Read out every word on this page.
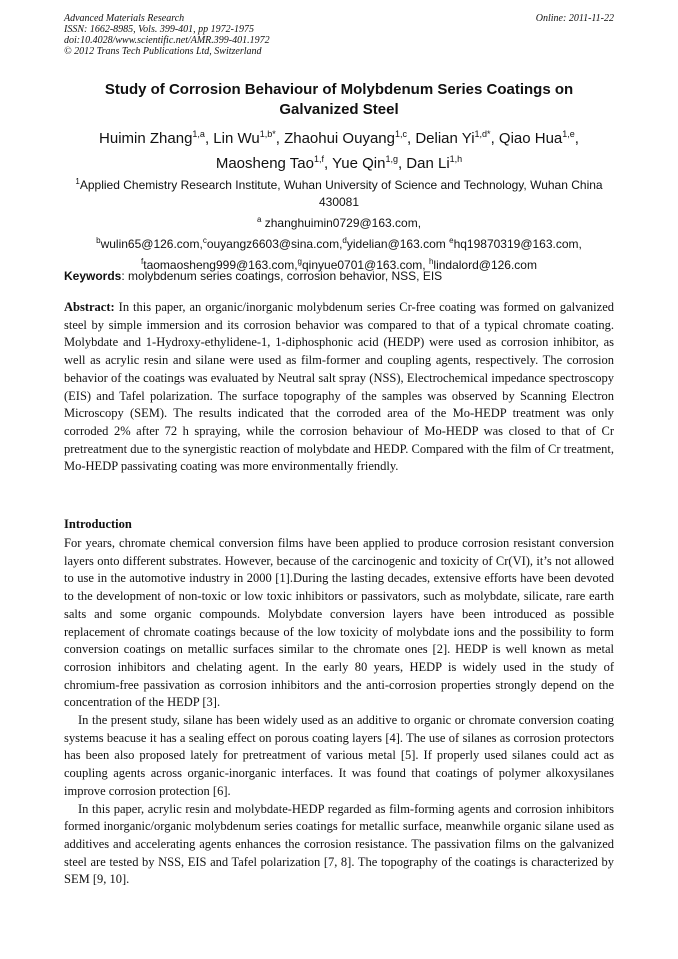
Advanced Materials Research
ISSN: 1662-8985, Vols. 399-401, pp 1972-1975
doi:10.4028/www.scientific.net/AMR.399-401.1972
© 2012 Trans Tech Publications Ltd, Switzerland
Online: 2011-11-22
Study of Corrosion Behaviour of Molybdenum Series Coatings on Galvanized Steel
Huimin Zhang$^{1,a}$, Lin $Wu^{1,b*}$, Zhaohui Ouyang$^{1,c}$, Delian $Yi^{1,d*}$, Qiao Hua$^{1,e}$, Maosheng Tao$^{1,f}$, Yue Qin$^{1,g}$, Dan Li$^{1,h}$
$^1$Applied Chemistry Research Institute, Wuhan University of Science and Technology, Wuhan China 430081
$^a$ zhanghuimin0729@163.com,
$^b$wulin65@126.com,$^c$ouyangz6603@sina.com,$^d$yidelian@163.com $^e$hq19870319@163.com,
$^f$taomaosheng999@163.com,$^g$qinyue0701@163.com, $^h$lindalord@126.com
Keywords: molybdenum series coatings, corrosion behavior, NSS, EIS
Abstract: In this paper, an organic/inorganic molybdenum series Cr-free coating was formed on galvanized steel by simple immersion and its corrosion behavior was compared to that of a typical chromate coating. Molybdate and 1-Hydroxy-ethylidene-1, 1-diphosphonic acid (HEDP) were used as corrosion inhibitor, as well as acrylic resin and silane were used as film-former and coupling agents, respectively. The corrosion behavior of the coatings was evaluated by Neutral salt spray (NSS), Electrochemical impedance spectroscopy (EIS) and Tafel polarization. The surface topography of the samples was observed by Scanning Electron Microscopy (SEM). The results indicated that the corroded area of the Mo-HEDP treatment was only corroded 2% after 72 h spraying, while the corrosion behaviour of Mo-HEDP was closed to that of Cr pretreatment due to the synergistic reaction of molybdate and HEDP. Compared with the film of Cr treatment, Mo-HEDP passivating coating was more environmentally friendly.
Introduction

For years, chromate chemical conversion films have been applied to produce corrosion resistant conversion layers onto different substrates. However, because of the carcinogenic and toxicity of Cr(VI), it’s not allowed to use in the automotive industry in 2000 [1].During the lasting decades, extensive efforts have been devoted to the development of non-toxic or low toxic inhibitors or passivators, such as molybdate, silicate, rare earth salts and some organic compounds. Molybdate conversion layers have been introduced as possible replacement of chromate coatings because of the low toxicity of molybdate ions and the possibility to form conversion coatings on metallic surfaces similar to the chromate ones [2]. HEDP is well known as metal corrosion inhibitors and chelating agent. In the early 80 years, HEDP is widely used in the study of chromium-free passivation as corrosion inhibitors and the anti-corrosion properties strongly depend on the concentration of the HEDP [3].

In the present study, silane has been widely used as an additive to organic or chromate conversion coating systems beacuse it has a sealing effect on porous coating layers [4]. The use of silanes as corrosion protectors has been also proposed lately for pretreatment of various metal [5]. If properly used silanes could act as coupling agents across organic-inorganic interfaces. It was found that coatings of polymer alkoxysilanes improve corrosion protection [6].

In this paper, acrylic resin and molybdate-HEDP regarded as film-forming agents and corrosion inhibitors formed inorganic/organic molybdenum series coatings for metallic surface, meanwhile organic silane used as additives and accelerating agents enhances the corrosion resistance. The passivation films on the galvanized steel are tested by NSS, EIS and Tafel polarization [7, 8]. The topography of the coatings is characterized by SEM [9, 10].
